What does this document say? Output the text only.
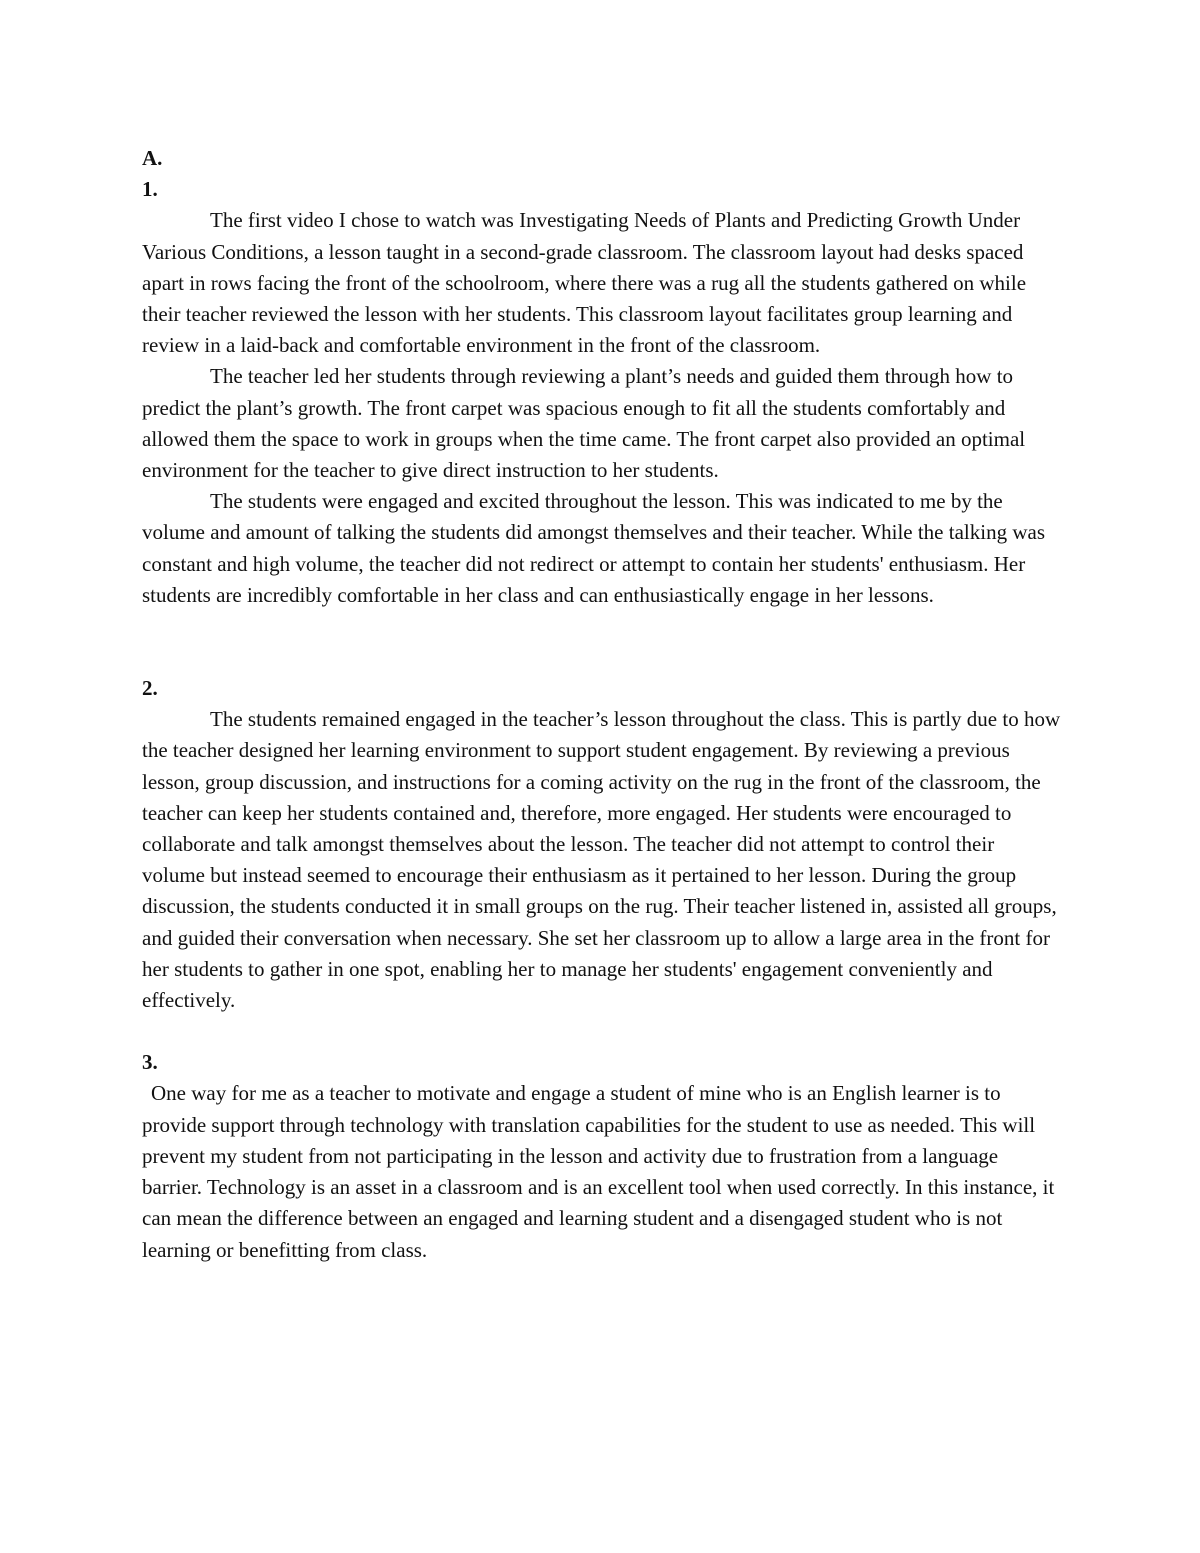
A.

1.

The first video I chose to watch was Investigating Needs of Plants and Predicting Growth Under Various Conditions, a lesson taught in a second-grade classroom. The classroom layout had desks spaced apart in rows facing the front of the schoolroom, where there was a rug all the students gathered on while their teacher reviewed the lesson with her students. This classroom layout facilitates group learning and review in a laid-back and comfortable environment in the front of the classroom.

The teacher led her students through reviewing a plant’s needs and guided them through how to predict the plant’s growth. The front carpet was spacious enough to fit all the students comfortably and allowed them the space to work in groups when the time came. The front carpet also provided an optimal environment for the teacher to give direct instruction to her students.

The students were engaged and excited throughout the lesson. This was indicated to me by the volume and amount of talking the students did amongst themselves and their teacher. While the talking was constant and high volume, the teacher did not redirect or attempt to contain her students' enthusiasm. Her students are incredibly comfortable in her class and can enthusiastically engage in her lessons.

2.

The students remained engaged in the teacher’s lesson throughout the class. This is partly due to how the teacher designed her learning environment to support student engagement. By reviewing a previous lesson, group discussion, and instructions for a coming activity on the rug in the front of the classroom, the teacher can keep her students contained and, therefore, more engaged. Her students were encouraged to collaborate and talk amongst themselves about the lesson. The teacher did not attempt to control their volume but instead seemed to encourage their enthusiasm as it pertained to her lesson. During the group discussion, the students conducted it in small groups on the rug. Their teacher listened in, assisted all groups, and guided their conversation when necessary. She set her classroom up to allow a large area in the front for her students to gather in one spot, enabling her to manage her students' engagement conveniently and effectively.

3.

One way for me as a teacher to motivate and engage a student of mine who is an English learner is to provide support through technology with translation capabilities for the student to use as needed. This will prevent my student from not participating in the lesson and activity due to frustration from a language barrier. Technology is an asset in a classroom and is an excellent tool when used correctly. In this instance, it can mean the difference between an engaged and learning student and a disengaged student who is not learning or benefitting from class.
